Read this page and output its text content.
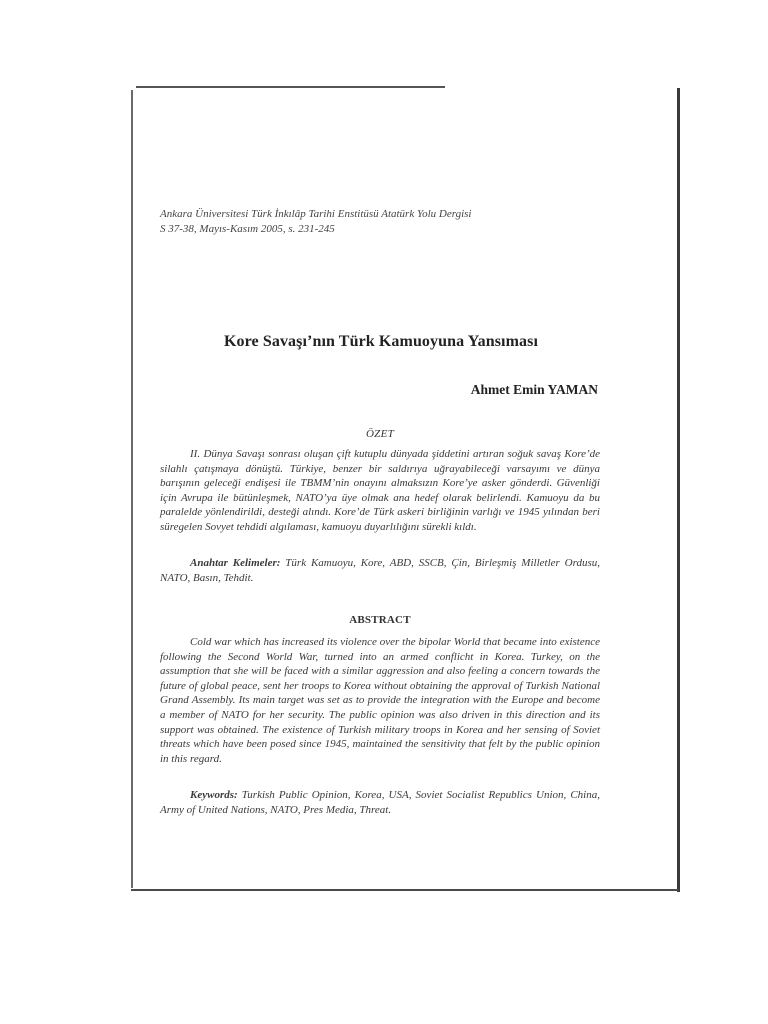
Ankara Üniversitesi Türk İnkılâp Tarihi Enstitüsü Atatürk Yolu Dergisi
S 37-38, Mayıs-Kasım 2005, s. 231-245
Kore Savaşı’nın Türk Kamuoyuna Yansıması
Ahmet Emin YAMAN
ÖZET

II. Dünya Savaşı sonrası oluşan çift kutuplu dünyada şiddetini artıran soğuk savaş Kore’de silahlı çatışmaya dönüştü. Türkiye, benzer bir saldırıya uğrayabileceği varsayımı ve dünya barışının geleceği endişesi ile TBMM’nin onayını almaksızın Kore’ye asker gönderdi. Güvenliği için Avrupa ile bütünleşmek, NATO’ya üye olmak ana hedef olarak belirlendi. Kamuoyu da bu paralelde yönlendirildi, desteği alındı. Kore’de Türk askeri birliğinin varlığı ve 1945 yılından beri süregelen Sovyet tehdidi algılaması, kamuoyu duyarlılığını sürekli kıldı.

Anahtar Kelimeler: Türk Kamuoyu, Kore, ABD, SSCB, Çin, Birleşmiş Milletler Ordusu, NATO, Basın, Tehdit.

ABSTRACT

Cold war which has increased its violence over the bipolar World that became into existence following the Second World War, turned into an armed conflicht in Korea. Turkey, on the assumption that she will be faced with a similar aggression and also feeling a concern towards the future of global peace, sent her troops to Korea without obtaining the approval of Turkish National Grand Assembly. Its main target was set as to provide the integration with the Europe and become a member of NATO for her security. The public opinion was also driven in this direction and its support was obtained. The existence of Turkish military troops in Korea and her sensing of Soviet threats which have been posed since 1945, maintained the sensitivity that felt by the public opinion in this regard.

Keywords: Turkish Public Opinion, Korea, USA, Soviet Socialist Republics Union, China, Army of United Nations, NATO, Pres Media, Threat.
